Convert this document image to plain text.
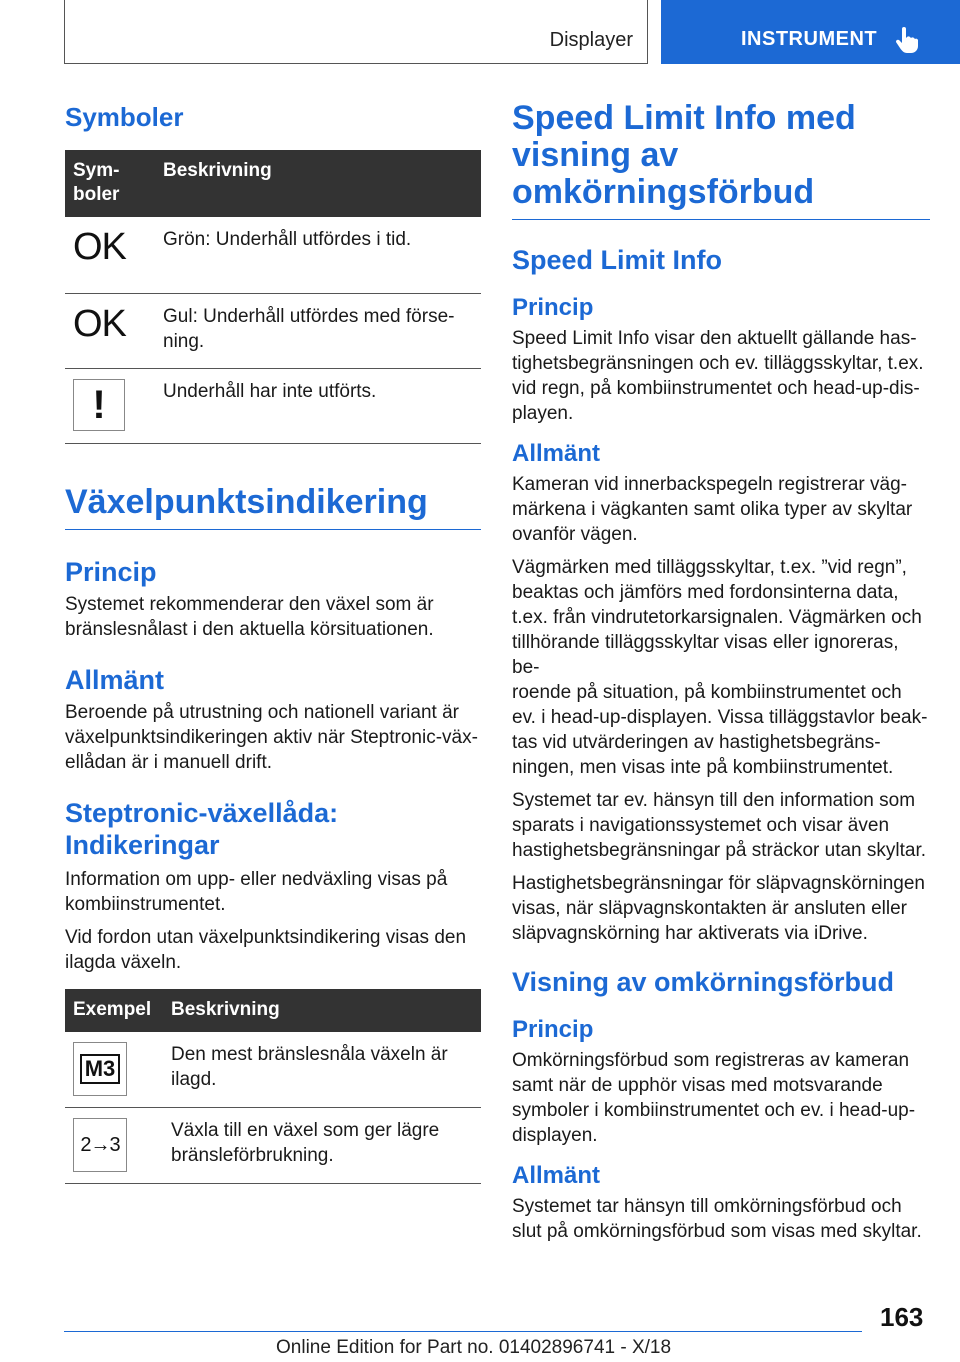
Displayer	INSTRUMENT
Symboler
Sym-
boler	Beskrivning
OK	Grön: Underhåll utfördes i tid.
OK	Gul: Underhåll utfördes med förse-
ning.

!	Underhåll har inte utförts.
Växelpunktsindikering
Princip

Systemet rekommenderar den växel som är
bränslesnålast i den aktuella körsituationen.

Allmänt

Beroende på utrustning och nationell variant är
växelpunktsindikeringen aktiv när Steptronic-väx-
ellådan är i manuell drift.

Steptronic-växellåda:
Indikeringar

Information om upp- eller nedväxling visas på
kombiinstrumentet.

Vid fordon utan växelpunktsindikering visas den
ilagda växeln.

Exempel	Beskrivning

M3	Den mest bränslesnåla växeln är
ilagd.

2→3	Växla till en växel som ger lägre
bränsleförbrukning.
Speed Limit Info med
visning av
omkörningsförbud
Speed Limit Info
Princip

Speed Limit Info visar den aktuellt gällande has-
tighetsbegränsningen och ev. tilläggsskyltar, t.ex.
vid regn, på kombiinstrumentet och head-up-dis-
playen.

Allmänt

Kameran vid innerbackspegeln registrerar väg-
märkena i vägkanten samt olika typer av skyltar
ovanför vägen.

Vägmärken med tilläggsskyltar, t.ex. ”vid regn”,
beaktas och jämförs med fordonsinterna data,
t.ex. från vindrutetorkarsignalen. Vägmärken och
tillhörande tilläggsskyltar visas eller ignoreras, be-
roende på situation, på kombiinstrumentet och
ev. i head-up-displayen. Vissa tilläggstavlor beak-
tas vid utvärderingen av hastighetsbegräns-
ningen, men visas inte på kombiinstrumentet.

Systemet tar ev. hänsyn till den information som
sparats i navigationssystemet och visar även
hastighetsbegränsningar på sträckor utan skyltar.

Hastighetsbegränsningar för släpvagnskörningen
visas, när släpvagnskontakten är ansluten eller
släpvagnskörning har aktiverats via iDrive.

Visning av omkörningsförbud
Princip

Omkörningsförbud som registreras av kameran
samt när de upphör visas med motsvarande
symboler i kombiinstrumentet och ev. i head-up-
displayen.

Allmänt

Systemet tar hänsyn till omkörningsförbud och
slut på omkörningsförbud som visas med skyltar.

163
Online Edition for Part no. 01402896741 - X/18
